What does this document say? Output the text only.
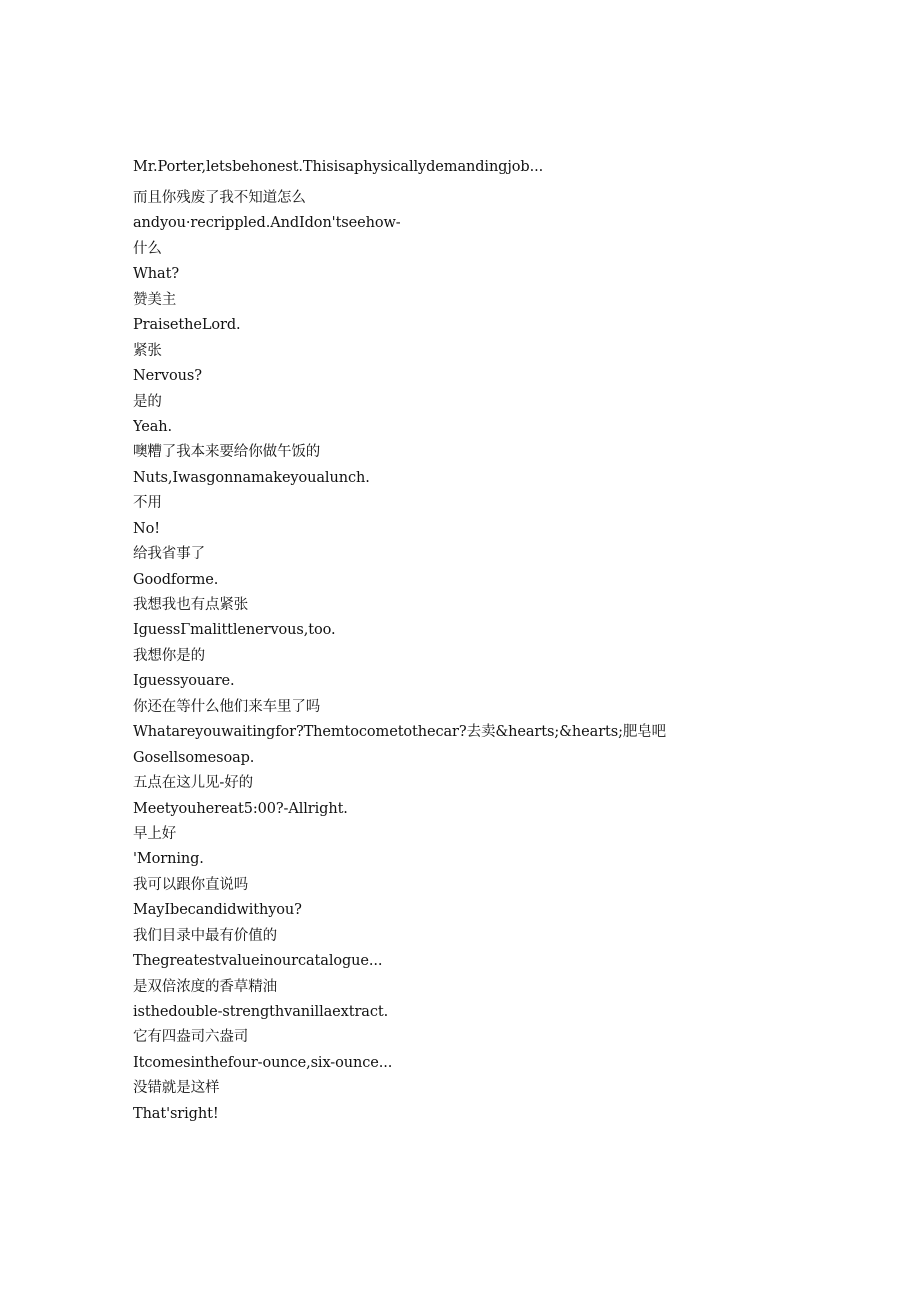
Mr.Porter,letsbehonest.Thisisaphysicallydemandingjob...
而且你残废了我不知道怎么
andyou·recrippled.AndIdon'tseehow-
什么
What?
赞美主
PraisetheLord.
紧张
Nervous?
是的
Yeah.
噢糟了我本来要给你做午饭的
Nuts,Iwasgonnamakeyoualunch.
不用
No!
给我省事了
Goodforme.
我想我也有点紧张
IguessΓmalittlenervous,too.
我想你是的
Iguessyouare.
你还在等什么他们来车里了吗
Whatareyouwaitingfor?Themtocometothecar?去卖&hearts;&hearts;肥皂吧
Gosellsomesoap.
五点在这儿见-好的
Meetyouhereat5:00?-Allright.
早上好
'Morning.
我可以跟你直说吗
MayIbecandidwithyou?
我们目录中最有价值的
Thegreatestvalueinourcatalogue...
是双倍浓度的香草精油
isthedouble-strengthvanillaextract.
它有四盎司六盎司
Itcomesinthefour-ounce,six-ounce...
没错就是这样
That'sright!
